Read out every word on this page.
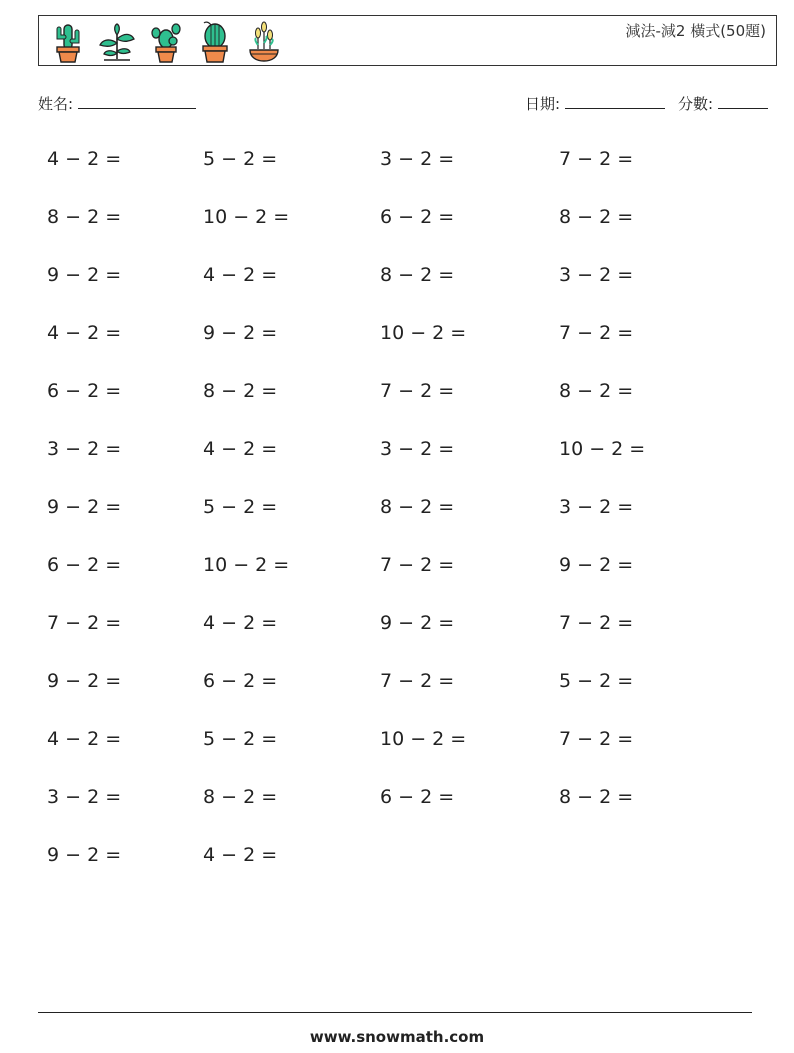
減法-減2 橫式(50題)
姓名:	日期:	分數:
4 − 2 =	5 − 2 =	3 − 2 =	7 − 2 =
8 − 2 =	10 − 2 =	6 − 2 =	8 − 2 =
9 − 2 =	4 − 2 =	8 − 2 =	3 − 2 =
4 − 2 =	9 − 2 =	10 − 2 =	7 − 2 =
6 − 2 =	8 − 2 =	7 − 2 =	8 − 2 =
3 − 2 =	4 − 2 =	3 − 2 =	10 − 2 =
9 − 2 =	5 − 2 =	8 − 2 =	3 − 2 =
6 − 2 =	10 − 2 =	7 − 2 =	9 − 2 =
7 − 2 =	4 − 2 =	9 − 2 =	7 − 2 =
9 − 2 =	6 − 2 =	7 − 2 =	5 − 2 =
4 − 2 =	5 − 2 =	10 − 2 =	7 − 2 =
3 − 2 =	8 − 2 =	6 − 2 =	8 − 2 =
9 − 2 =	4 − 2 =
www.snowmath.com
